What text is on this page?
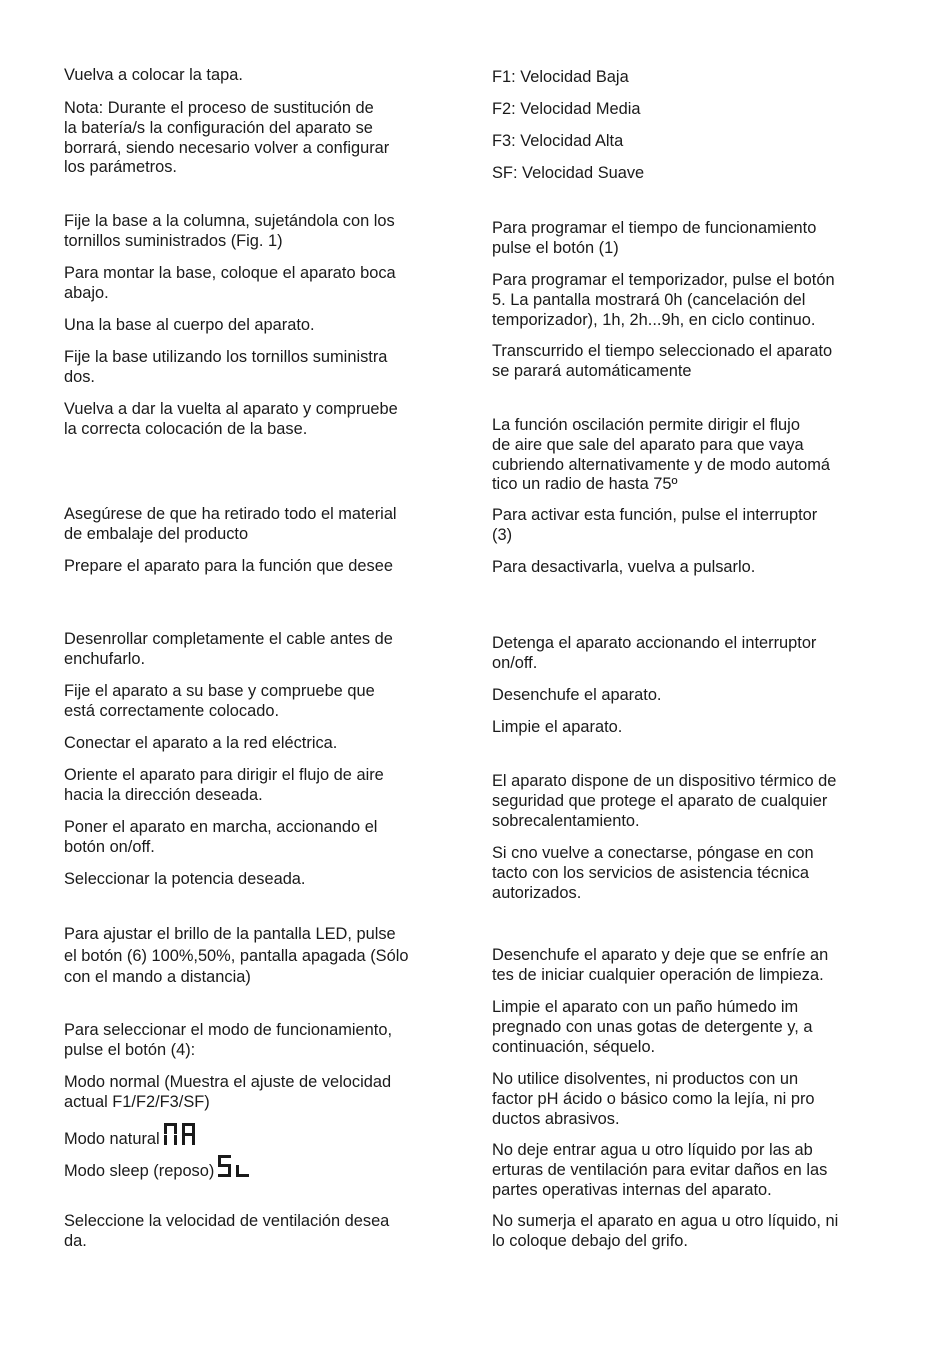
Vuelva a colocar la tapa.

Nota: Durante el proceso de sustitución de
la batería/s la configuración del aparato se
borrará, siendo necesario volver a configurar
los parámetros.

Fije la base a la columna, sujetándola con los
tornillos suministrados (Fig. 1)

Para montar la base, coloque el aparato boca
abajo.

Una la base al cuerpo del aparato.

Fije la base utilizando los tornillos suministra
dos.

Vuelva a dar la vuelta al aparato y compruebe
la correcta colocación de la base.

Asegúrese de que ha retirado todo el material
de embalaje del producto

Prepare el aparato para la función que desee

Desenrollar completamente el cable antes de
enchufarlo.

Fije el aparato a su base y compruebe que
está correctamente colocado.

Conectar el aparato a la red eléctrica.

Oriente el aparato para dirigir el flujo de aire
hacia la dirección deseada.

Poner el aparato en marcha, accionando el
botón on/off.

Seleccionar la potencia deseada.

Para ajustar el brillo de la pantalla LED, pulse
el botón (6) 100%,50%, pantalla apagada (Sólo
con el mando a distancia)

Para seleccionar el modo de funcionamiento,
pulse el botón (4):

Modo normal (Muestra el ajuste de velocidad
actual F1/F2/F3/SF)

Modo natural

Modo sleep (reposo)

Seleccione la velocidad de ventilación desea
da.

F1: Velocidad Baja

F2: Velocidad Media

F3: Velocidad Alta

SF: Velocidad Suave

Para programar el tiempo de funcionamiento
pulse el botón (1)

Para programar el temporizador, pulse el botón
5. La pantalla mostrará 0h (cancelación del
temporizador), 1h, 2h...9h, en ciclo continuo.

Transcurrido el tiempo seleccionado el aparato
se parará automáticamente

La función oscilación permite dirigir el flujo
de aire que sale del aparato para que vaya
cubriendo alternativamente y de modo automá
tico un radio de hasta 75º

Para activar esta función, pulse el interruptor
(3)

Para desactivarla, vuelva a pulsarlo.

Detenga el aparato accionando el interruptor
on/off.

Desenchufe el aparato.

Limpie el aparato.

El aparato dispone de un dispositivo térmico de
seguridad que protege el aparato de cualquier
sobrecalentamiento.

Si cno vuelve a conectarse, póngase en con
tacto con los servicios de asistencia técnica
autorizados.

Desenchufe el aparato y deje que se enfríe an
tes de iniciar cualquier operación de limpieza.

Limpie el aparato con un paño húmedo im
pregnado con unas gotas de detergente y, a
continuación, séquelo.

No utilice disolventes, ni productos con un
factor pH ácido o básico como la lejía, ni pro
ductos abrasivos.

No deje entrar agua u otro líquido por las ab
erturas de ventilación para evitar daños en las
partes operativas internas del aparato.

No sumerja el aparato en agua u otro líquido, ni
lo coloque debajo del grifo.
